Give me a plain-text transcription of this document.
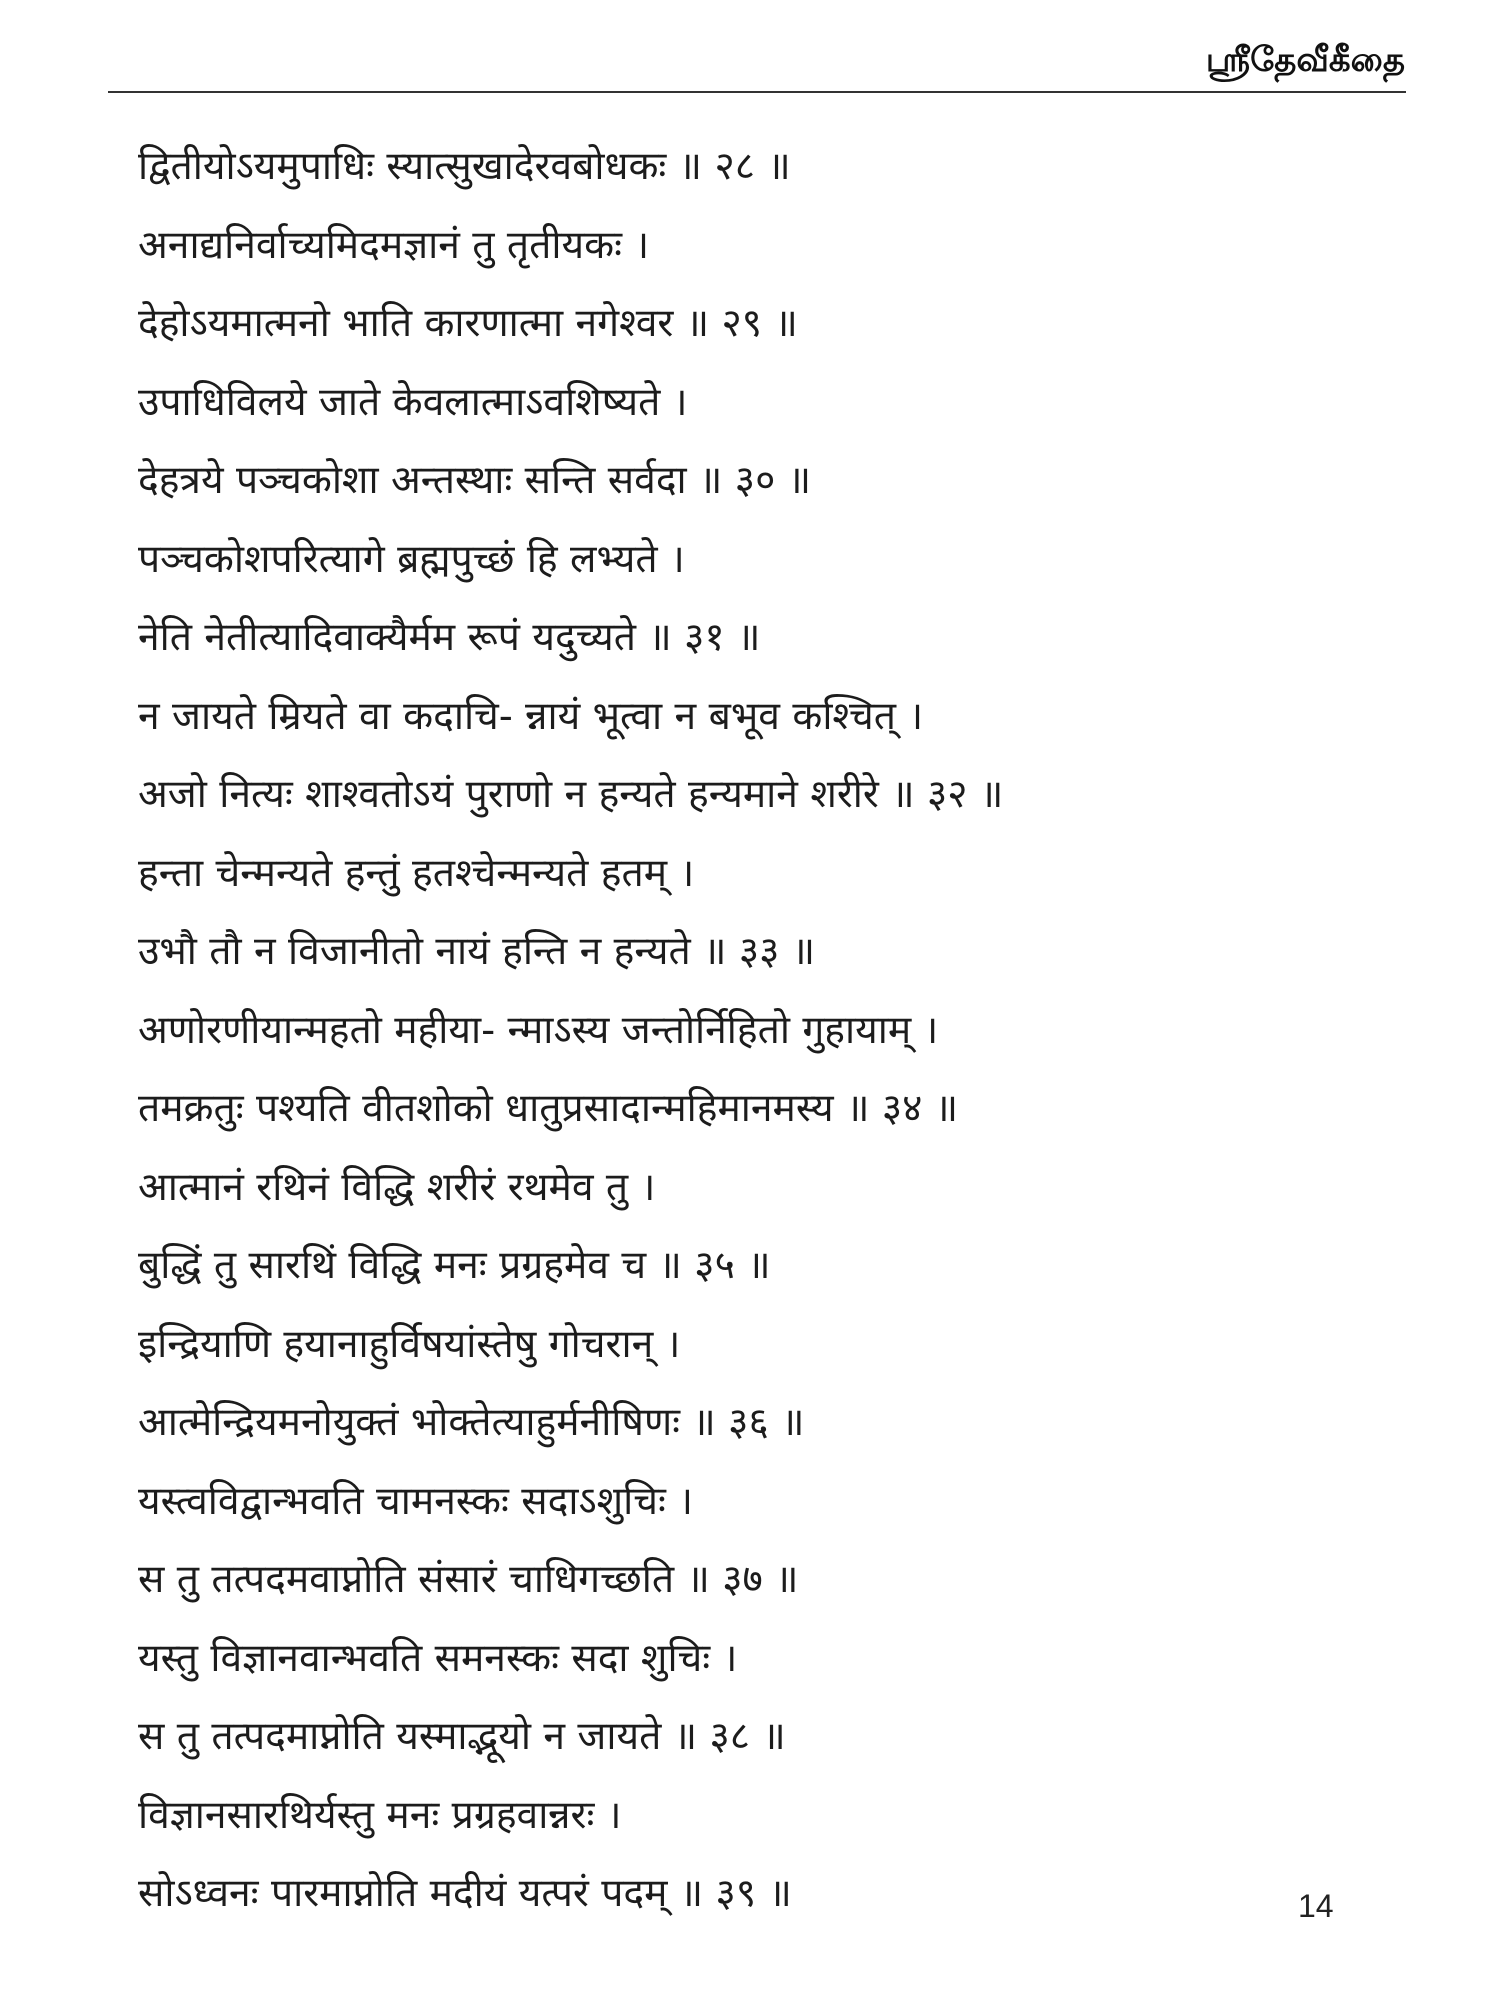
ஸ்ரீதேவீகீதை
द्वितीयोऽयमुपाधिः स्यात्सुखादेरवबोधकः ॥ २८ ॥
अनाद्यनिर्वाच्यमिदमज्ञानं तु तृतीयकः ।
देहोऽयमात्मनो भाति कारणात्मा नगेश्वर ॥ २९ ॥
उपाधिविलये जाते केवलात्माऽवशिष्यते ।
देहत्रये पञ्चकोशा अन्तस्थाः सन्ति सर्वदा ॥ ३० ॥
पञ्चकोशपरित्यागे ब्रह्मपुच्छं हि लभ्यते ।
नेति नेतीत्यादिवाक्यैर्मम रूपं यदुच्यते ॥ ३१ ॥
न जायते म्रियते वा कदाचि- न्नायं भूत्वा न बभूव कश्चित् ।
अजो नित्यः शाश्वतोऽयं पुराणो न हन्यते हन्यमाने शरीरे ॥ ३२ ॥
हन्ता चेन्मन्यते हन्तुं हतश्चेन्मन्यते हतम् ।
उभौ तौ न विजानीतो नायं हन्ति न हन्यते ॥ ३३ ॥
अणोरणीयान्महतो महीया- न्माऽस्य जन्तोर्निहितो गुहायाम् ।
तमक्रतुः पश्यति वीतशोको धातुप्रसादान्महिमानमस्य ॥ ३४ ॥
आत्मानं रथिनं विद्धि शरीरं रथमेव तु ।
बुद्धिं तु सारथिं विद्धि मनः प्रग्रहमेव च ॥ ३५ ॥
इन्द्रियाणि हयानाहुर्विषयांस्तेषु गोचरान् ।
आत्मेन्द्रियमनोयुक्तं भोक्तेत्याहुर्मनीषिणः ॥ ३६ ॥
यस्त्वविद्वान्भवति चामनस्कः सदाऽशुचिः ।
स तु तत्पदमवाप्नोति संसारं चाधिगच्छति ॥ ३७ ॥
यस्तु विज्ञानवान्भवति समनस्कः सदा शुचिः ।
स तु तत्पदमाप्नोति यस्माद्भूयो न जायते ॥ ३८ ॥
विज्ञानसारथिर्यस्तु मनः प्रग्रहवान्नरः ।
सोऽध्वनः पारमाप्नोति मदीयं यत्परं पदम् ॥ ३९ ॥	14
